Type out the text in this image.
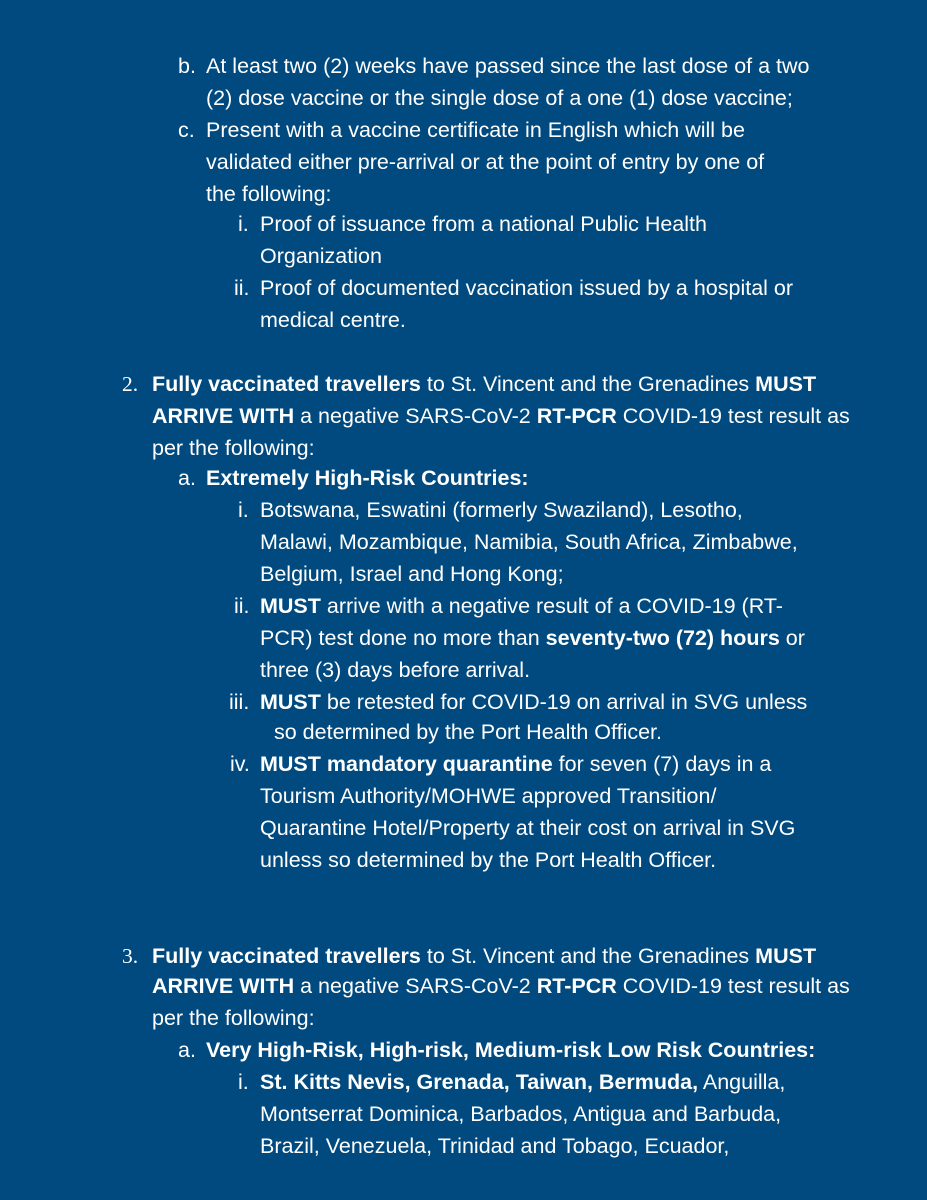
b. At least two (2) weeks have passed since the last dose of a two
(2) dose vaccine or the single dose of a one (1) dose vaccine;
c. Present with a vaccine certificate in English which will be
validated either pre-arrival or at the point of entry by one of
the following:
i. Proof of issuance from a national Public Health
Organization
ii. Proof of documented vaccination issued by a hospital or
medical centre.
2. Fully vaccinated travellers to St. Vincent and the Grenadines MUST
ARRIVE WITH a negative SARS-CoV-2 RT-PCR COVID-19 test result as
per the following:
a. Extremely High-Risk Countries:
i. Botswana, Eswatini (formerly Swaziland), Lesotho,
Malawi, Mozambique, Namibia, South Africa, Zimbabwe,
Belgium, Israel and Hong Kong;
ii. MUST arrive with a negative result of a COVID-19 (RT-
PCR) test done no more than seventy-two (72) hours or
three (3) days before arrival.
iii. MUST be retested for COVID-19 on arrival in SVG unless
so determined by the Port Health Officer.
iv. MUST mandatory quarantine for seven (7) days in a
Tourism Authority/MOHWE approved Transition/
Quarantine Hotel/Property at their cost on arrival in SVG
unless so determined by the Port Health Officer.
3. Fully vaccinated travellers to St. Vincent and the Grenadines MUST
ARRIVE WITH a negative SARS-CoV-2 RT-PCR COVID-19 test result as
per the following:
a. Very High-Risk, High-risk, Medium-risk Low Risk Countries:
i. St. Kitts Nevis, Grenada, Taiwan, Bermuda, Anguilla,
Montserrat Dominica, Barbados, Antigua and Barbuda,
Brazil, Venezuela, Trinidad and Tobago, Ecuador,
